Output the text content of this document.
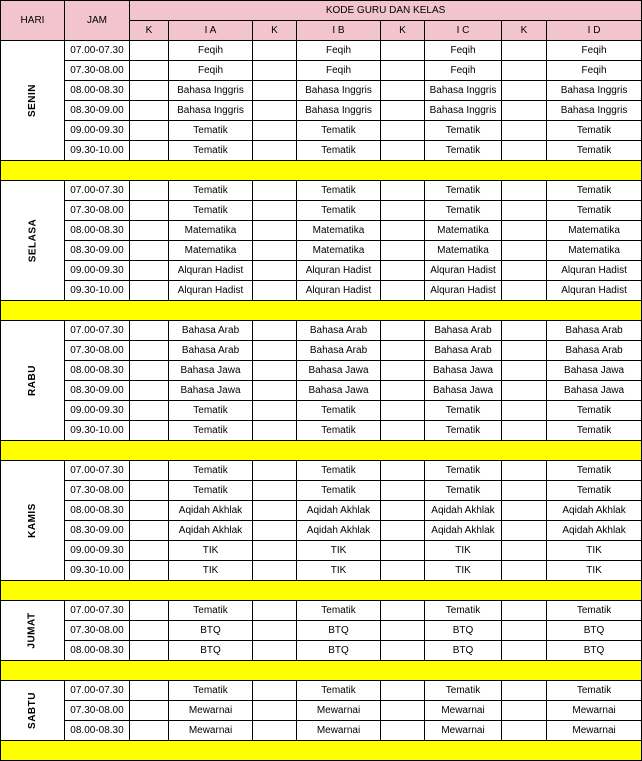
HARI	JAM	KODE GURU DAN KELAS							
		K	I A	K	I B	K	I C	K	I D
SENIN	07.00-07.30		Feqih		Feqih		Feqih		Feqih
	07.30-08.00		Feqih		Feqih		Feqih		Feqih
	08.00-08.30		Bahasa Inggris		Bahasa Inggris		Bahasa Inggris		Bahasa Inggris
	08.30-09.00		Bahasa Inggris		Bahasa Inggris		Bahasa Inggris		Bahasa Inggris
	09.00-09.30		Tematik		Tematik		Tematik		Tematik
	09.30-10.00		Tematik		Tematik		Tematik		Tematik

SELASA	07.00-07.30		Tematik		Tematik		Tematik		Tematik
	07.30-08.00		Tematik		Tematik		Tematik		Tematik
	08.00-08.30		Matematika		Matematika		Matematika		Matematika
	08.30-09.00		Matematika		Matematika		Matematika		Matematika
	09.00-09.30		Alquran Hadist		Alquran Hadist		Alquran Hadist		Alquran Hadist
	09.30-10.00		Alquran Hadist		Alquran Hadist		Alquran Hadist		Alquran Hadist

RABU	07.00-07.30		Bahasa Arab		Bahasa Arab		Bahasa Arab		Bahasa Arab
	07.30-08.00		Bahasa Arab		Bahasa Arab		Bahasa Arab		Bahasa Arab
	08.00-08.30		Bahasa Jawa		Bahasa Jawa		Bahasa Jawa		Bahasa Jawa
	08.30-09.00		Bahasa Jawa		Bahasa Jawa		Bahasa Jawa		Bahasa Jawa
	09.00-09.30		Tematik		Tematik		Tematik		Tematik
	09.30-10.00		Tematik		Tematik		Tematik		Tematik

KAMIS	07.00-07.30		Tematik		Tematik		Tematik		Tematik
	07.30-08.00		Tematik		Tematik		Tematik		Tematik
	08.00-08.30		Aqidah Akhlak		Aqidah Akhlak		Aqidah Akhlak		Aqidah Akhlak
	08.30-09.00		Aqidah Akhlak		Aqidah Akhlak		Aqidah Akhlak		Aqidah Akhlak
	09.00-09.30		TIK		TIK		TIK		TIK
	09.30-10.00		TIK		TIK		TIK		TIK

JUMAT	07.00-07.30		Tematik		Tematik		Tematik		Tematik
	07.30-08.00		BTQ		BTQ		BTQ		BTQ
	08.00-08.30		BTQ		BTQ		BTQ		BTQ

SABTU	07.00-07.30		Tematik		Tematik		Tematik		Tematik
	07.30-08.00		Mewarnai		Mewarnai		Mewarnai		Mewarnai
	08.00-08.30		Mewarnai		Mewarnai		Mewarnai		Mewarnai
